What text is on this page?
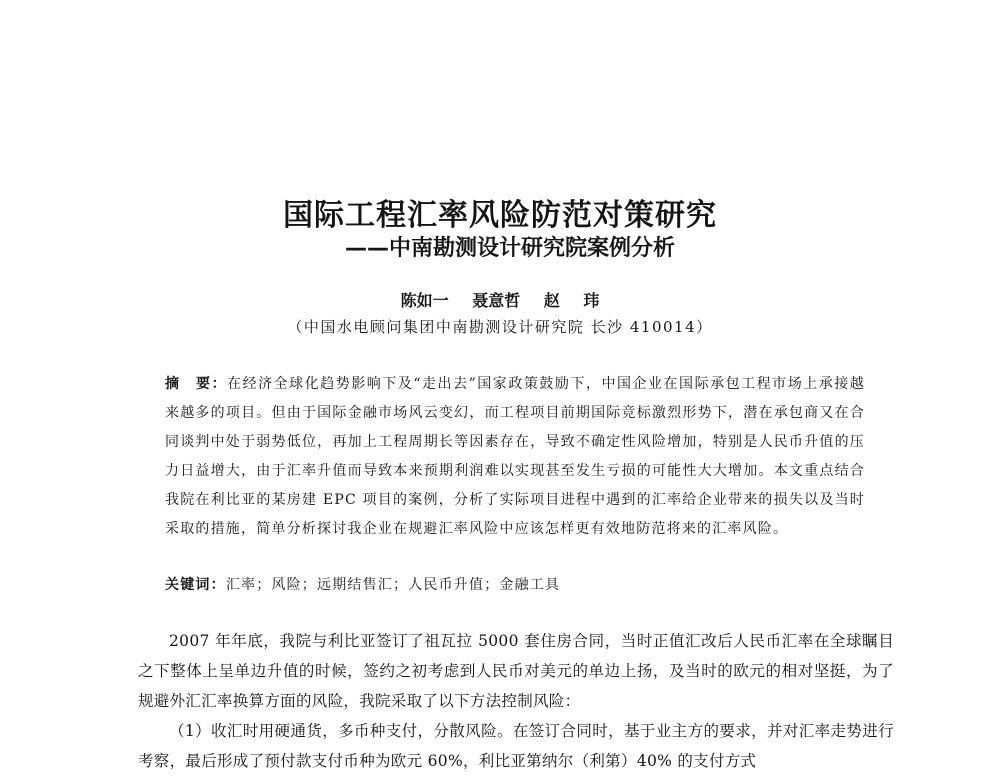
国际工程汇率风险防范对策研究
——中南勘测设计研究院案例分析
陈如一 聂意哲 赵 玮
（中国水电顾问集团中南勘测设计研究院 长沙 410014）
摘　要：在经济全球化趋势影响下及“走出去”国家政策鼓励下，中国企业在国际承包工程市场上承接越来越多的项目。但由于国际金融市场风云变幻，而工程项目前期国际竞标激烈形势下，潜在承包商又在合同谈判中处于弱势低位，再加上工程周期长等因素存在，导致不确定性风险增加，特别是人民币升值的压力日益增大，由于汇率升值而导致本来预期利润难以实现甚至发生亏损的可能性大大增加。本文重点结合我院在利比亚的某房建 EPC 项目的案例，分析了实际项目进程中遇到的汇率给企业带来的损失以及当时采取的措施，简单分析探讨我企业在规避汇率风险中应该怎样更有效地防范将来的汇率风险。
关键词：汇率；风险；远期结售汇；人民币升值；金融工具

2007 年年底，我院与利比亚签订了祖瓦拉 5000 套住房合同，当时正值汇改后人民币汇率在全球瞩目之下整体上呈单边升值的时候，签约之初考虑到人民币对美元的单边上扬，及当时的欧元的相对坚挺，为了规避外汇汇率换算方面的风险，我院采取了以下方法控制风险：

（1）收汇时用硬通货，多币种支付，分散风险。在签订合同时，基于业主方的要求，并对汇率走势进行考察，最后形成了预付款支付币种为欧元 60%，利比亚第纳尔（利第）40% 的支付方式
